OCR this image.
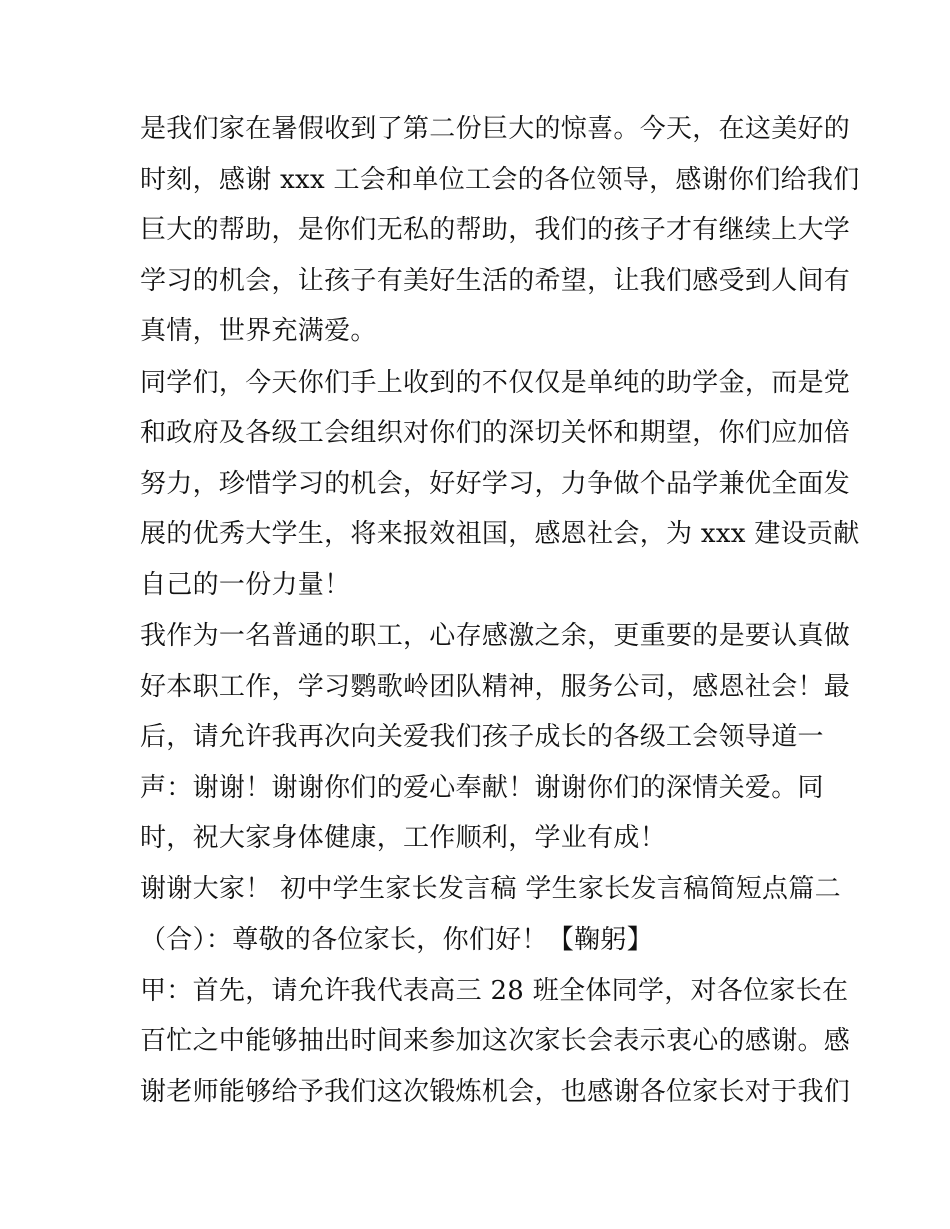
是我们家在暑假收到了第二份巨大的惊喜。今天，在这美好的
时刻，感谢 xxx 工会和单位工会的各位领导，感谢你们给我们
巨大的帮助，是你们无私的帮助，我们的孩子才有继续上大学
学习的机会，让孩子有美好生活的希望，让我们感受到人间有
真情，世界充满爱。
同学们，今天你们手上收到的不仅仅是单纯的助学金，而是党
和政府及各级工会组织对你们的深切关怀和期望，你们应加倍
努力，珍惜学习的机会，好好学习，力争做个品学兼优全面发
展的优秀大学生，将来报效祖国，感恩社会，为 xxx 建设贡献
自己的一份力量！
我作为一名普通的职工，心存感激之余，更重要的是要认真做
好本职工作，学习鹦歌岭团队精神，服务公司，感恩社会！最
后，请允许我再次向关爱我们孩子成长的各级工会领导道一
声：谢谢！谢谢你们的爱心奉献！谢谢你们的深情关爱。同
时，祝大家身体健康，工作顺利，学业有成！
谢谢大家！ 初中学生家长发言稿 学生家长发言稿简短点篇二
（合）：尊敬的各位家长，你们好！【鞠躬】
甲：首先，请允许我代表高三 28 班全体同学，对各位家长在
百忙之中能够抽出时间来参加这次家长会表示衷心的感谢。感
谢老师能够给予我们这次锻炼机会，也感谢各位家长对于我们
